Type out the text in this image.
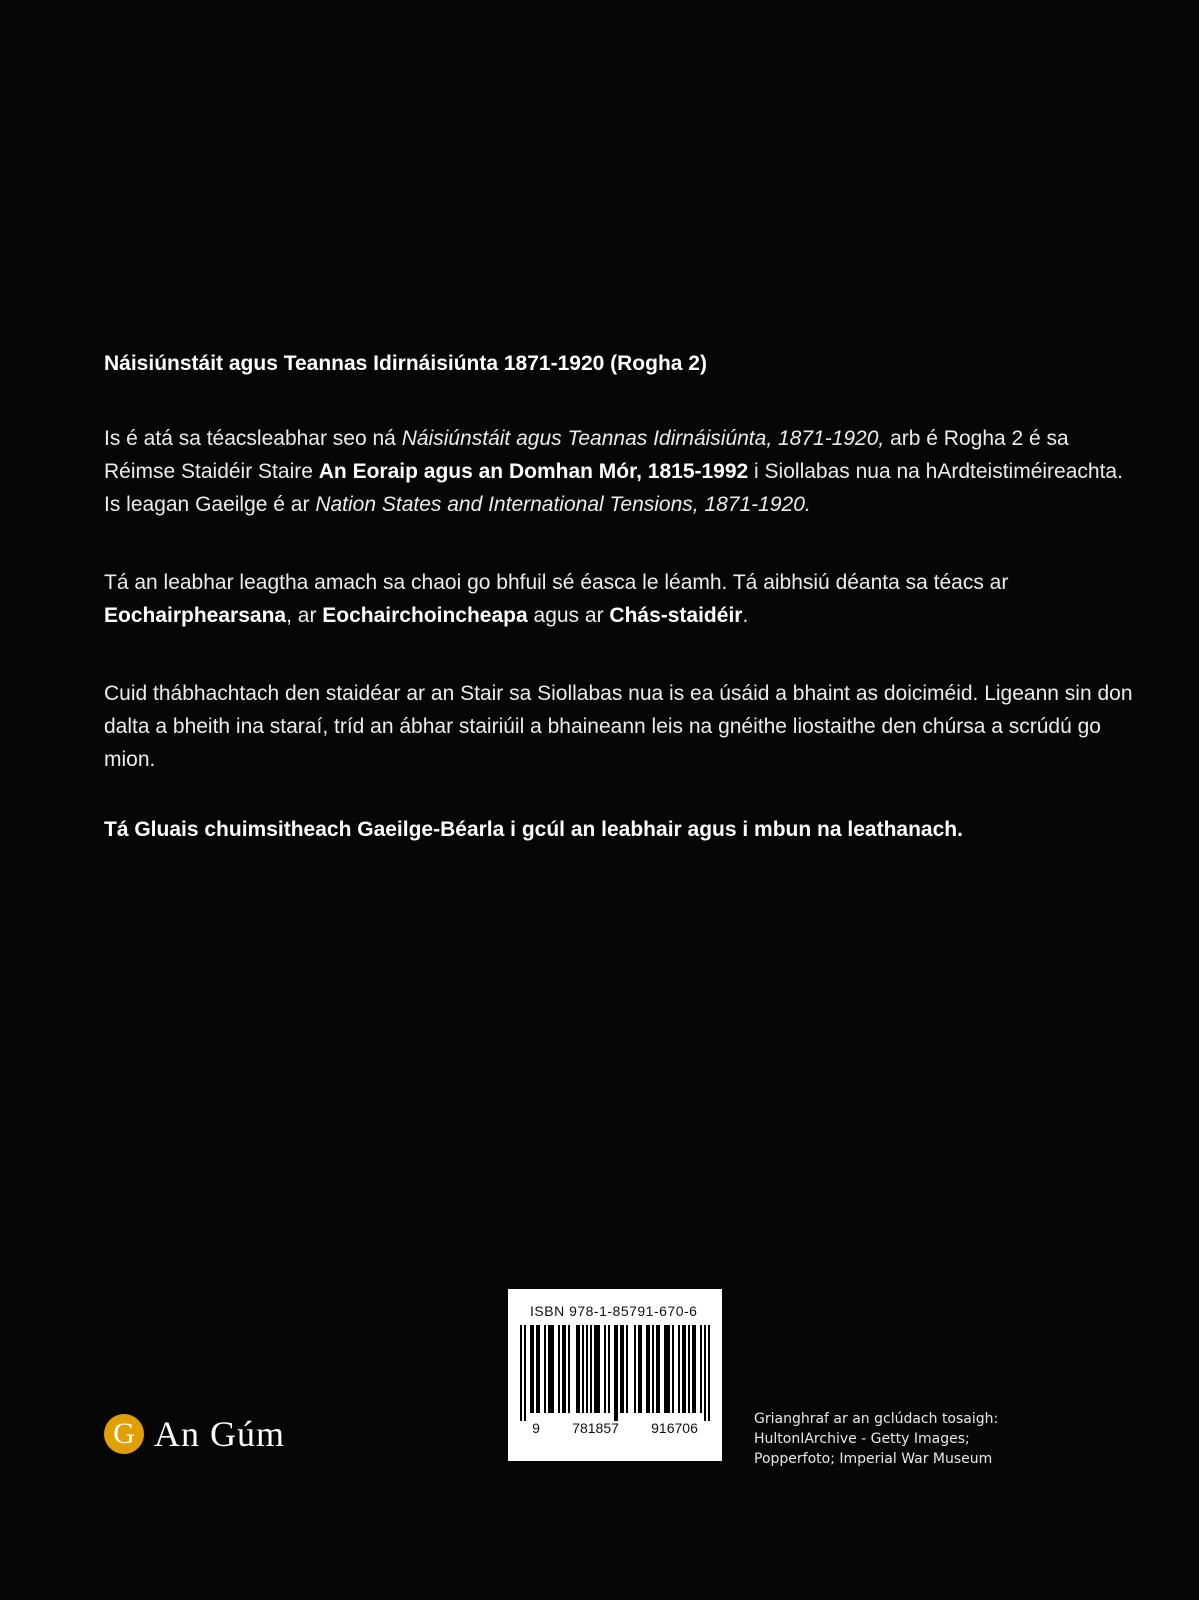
Náisiúnstáit agus Teannas Idirnáisiúnta 1871-1920 (Rogha 2)

Is é atá sa téacsleabhar seo ná Náisiúnstáit agus Teannas Idirnáisiúnta, 1871-1920, arb é Rogha 2 é sa Réimse Staidéir Staire An Eoraip agus an Domhan Mór, 1815-1992 i Siollabas nua na hArdteistiméireachta. Is leagan Gaeilge é ar Nation States and International Tensions, 1871-1920.

Tá an leabhar leagtha amach sa chaoi go bhfuil sé éasca le léamh. Tá aibhsiú déanta sa téacs ar Eochairphearsana, ar Eochairchoincheapa agus ar Chás-staidéir.

Cuid thábhachtach den staidéar ar an Stair sa Siollabas nua is ea úsáid a bhaint as doiciméid. Ligeann sin don dalta a bheith ina staraí, tríd an ábhar stairiúil a bhaineann leis na gnéithe liostaithe den chúrsa a scrúdú go mion.

Tá Gluais chuimsitheach Gaeilge-Béarla i gcúl an leabhair agus i mbun na leathanach.

G An Gúm
ISBN 978-1-85791-670-6
9 781857 916706

Grianghraf ar an gclúdach tosaigh:
HultonIArchive - Getty Images;
Popperfoto; Imperial War Museum
